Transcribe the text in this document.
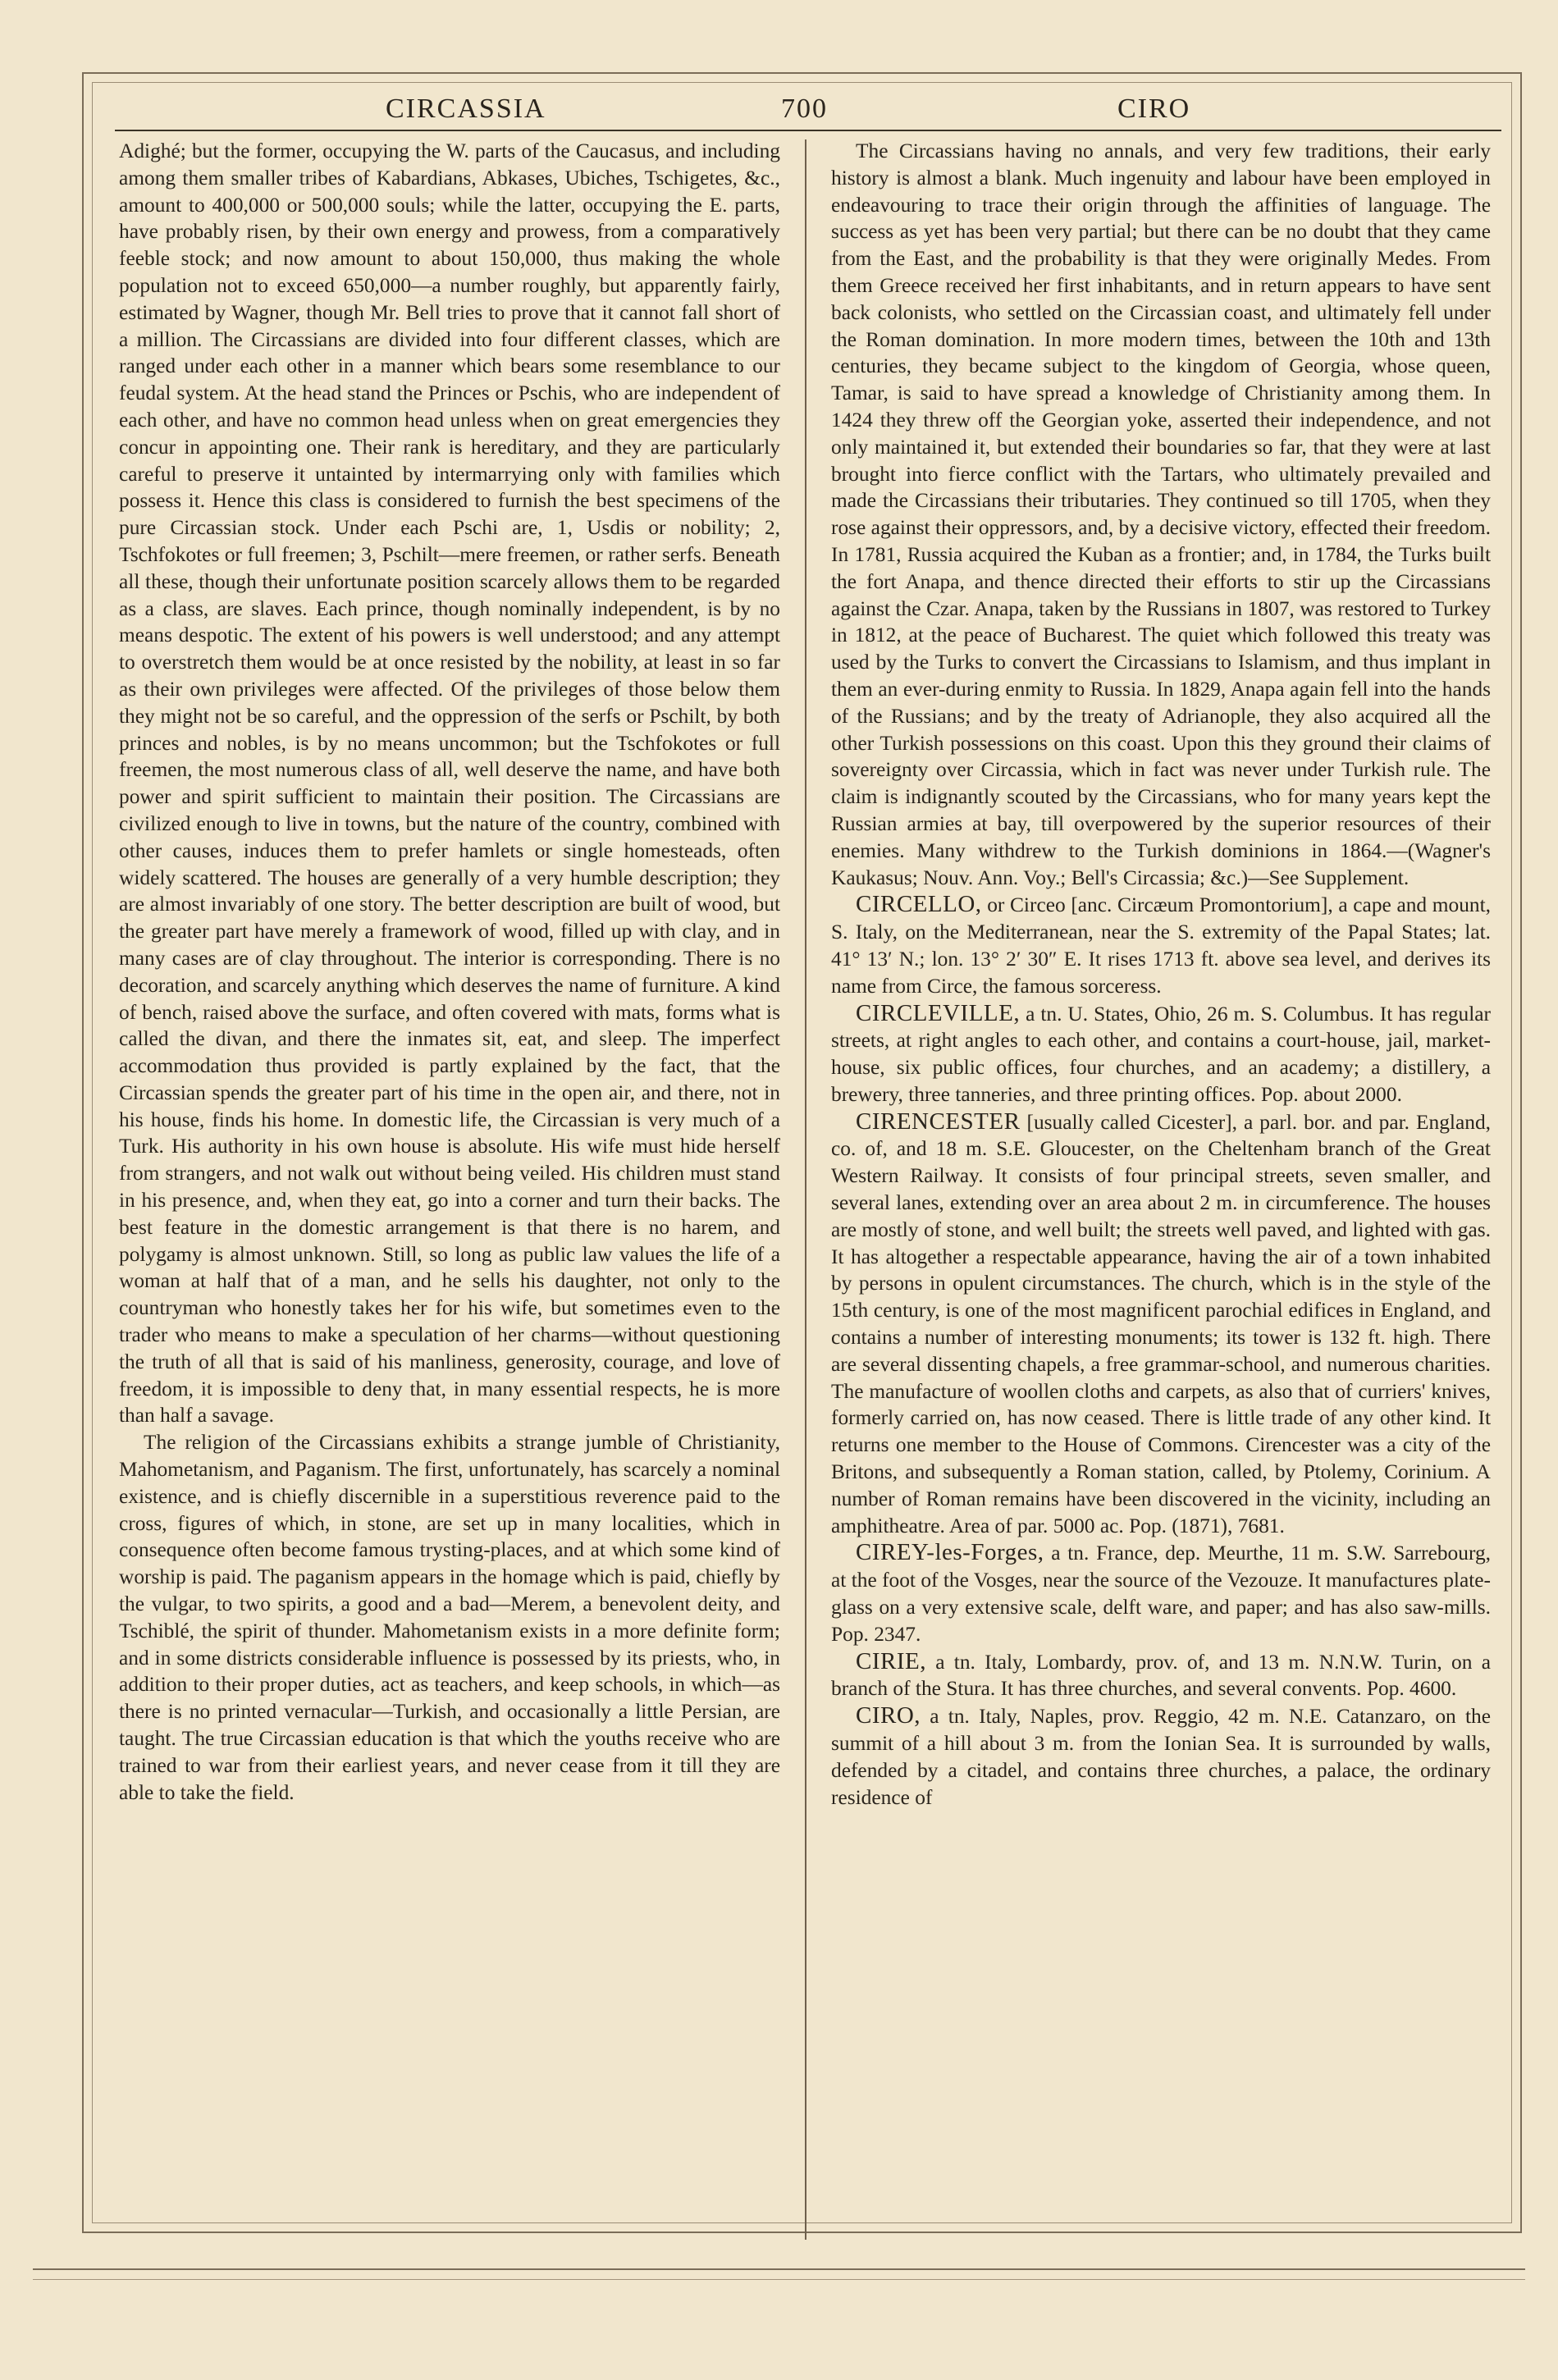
CIRCASSIA	700	CIRO

Adighé; but the former, occupying the W. parts of the Caucasus, and including among them smaller tribes of Kabardians, Abkases, Ubiches, Tschigetes, &c., amount to 400,000 or 500,000 souls; while the latter, occupying the E. parts, have probably risen, by their own energy and prowess, from a comparatively feeble stock; and now amount to about 150,000, thus making the whole population not to exceed 650,000—a number roughly, but apparently fairly, estimated by Wagner, though Mr. Bell tries to prove that it cannot fall short of a million. The Circassians are divided into four different classes, which are ranged under each other in a manner which bears some resemblance to our feudal system. At the head stand the Princes or Pschis, who are independent of each other, and have no common head unless when on great emergencies they concur in appointing one. Their rank is hereditary, and they are particularly careful to preserve it untainted by intermarrying only with families which possess it. Hence this class is considered to furnish the best specimens of the pure Circassian stock. Under each Pschi are, 1, Usdis or nobility; 2, Tschfokotes or full freemen; 3, Pschilt—mere freemen, or rather serfs. Beneath all these, though their unfortunate position scarcely allows them to be regarded as a class, are slaves. Each prince, though nominally independent, is by no means despotic. The extent of his powers is well understood; and any attempt to overstretch them would be at once resisted by the nobility, at least in so far as their own privileges were affected. Of the privileges of those below them they might not be so careful, and the oppression of the serfs or Pschilt, by both princes and nobles, is by no means uncommon; but the Tschfokotes or full freemen, the most numerous class of all, well deserve the name, and have both power and spirit sufficient to maintain their position. The Circassians are civilized enough to live in towns, but the nature of the country, combined with other causes, induces them to prefer hamlets or single homesteads, often widely scattered. The houses are generally of a very humble description; they are almost invariably of one story. The better description are built of wood, but the greater part have merely a framework of wood, filled up with clay, and in many cases are of clay throughout. The interior is corresponding. There is no decoration, and scarcely anything which deserves the name of furniture. A kind of bench, raised above the surface, and often covered with mats, forms what is called the divan, and there the inmates sit, eat, and sleep. The imperfect accommodation thus provided is partly explained by the fact, that the Circassian spends the greater part of his time in the open air, and there, not in his house, finds his home. In domestic life, the Circassian is very much of a Turk. His authority in his own house is absolute. His wife must hide herself from strangers, and not walk out without being veiled. His children must stand in his presence, and, when they eat, go into a corner and turn their backs. The best feature in the domestic arrangement is that there is no harem, and polygamy is almost unknown. Still, so long as public law values the life of a woman at half that of a man, and he sells his daughter, not only to the countryman who honestly takes her for his wife, but sometimes even to the trader who means to make a speculation of her charms—without questioning the truth of all that is said of his manliness, generosity, courage, and love of freedom, it is impossible to deny that, in many essential respects, he is more than half a savage.

The religion of the Circassians exhibits a strange jumble of Christianity, Mahometanism, and Paganism. The first, unfortunately, has scarcely a nominal existence, and is chiefly discernible in a superstitious reverence paid to the cross, figures of which, in stone, are set up in many localities, which in consequence often become famous trysting-places, and at which some kind of worship is paid. The paganism appears in the homage which is paid, chiefly by the vulgar, to two spirits, a good and a bad—Merem, a benevolent deity, and Tschiblé, the spirit of thunder. Mahometanism exists in a more definite form; and in some districts considerable influence is possessed by its priests, who, in addition to their proper duties, act as teachers, and keep schools, in which—as there is no printed vernacular—Turkish, and occasionally a little Persian, are taught. The true Circassian education is that which the youths receive who are trained to war from their earliest years, and never cease from it till they are able to take the field.

The Circassians having no annals, and very few traditions, their early history is almost a blank. Much ingenuity and labour have been employed in endeavouring to trace their origin through the affinities of language. The success as yet has been very partial; but there can be no doubt that they came from the East, and the probability is that they were originally Medes. From them Greece received her first inhabitants, and in return appears to have sent back colonists, who settled on the Circassian coast, and ultimately fell under the Roman domination. In more modern times, between the 10th and 13th centuries, they became subject to the kingdom of Georgia, whose queen, Tamar, is said to have spread a knowledge of Christianity among them. In 1424 they threw off the Georgian yoke, asserted their independence, and not only maintained it, but extended their boundaries so far, that they were at last brought into fierce conflict with the Tartars, who ultimately prevailed and made the Circassians their tributaries. They continued so till 1705, when they rose against their oppressors, and, by a decisive victory, effected their freedom. In 1781, Russia acquired the Kuban as a frontier; and, in 1784, the Turks built the fort Anapa, and thence directed their efforts to stir up the Circassians against the Czar. Anapa, taken by the Russians in 1807, was restored to Turkey in 1812, at the peace of Bucharest. The quiet which followed this treaty was used by the Turks to convert the Circassians to Islamism, and thus implant in them an ever-during enmity to Russia. In 1829, Anapa again fell into the hands of the Russians; and by the treaty of Adrianople, they also acquired all the other Turkish possessions on this coast. Upon this they ground their claims of sovereignty over Circassia, which in fact was never under Turkish rule. The claim is indignantly scouted by the Circassians, who for many years kept the Russian armies at bay, till overpowered by the superior resources of their enemies. Many withdrew to the Turkish dominions in 1864.—(Wagner's Kaukasus; Nouv. Ann. Voy.; Bell's Circassia; &c.)—See Supplement.

CIRCELLO, or Circeo [anc. Circæum Promontorium], a cape and mount, S. Italy, on the Mediterranean, near the S. extremity of the Papal States; lat. 41° 13′ N.; lon. 13° 2′ 30″ E. It rises 1713 ft. above sea level, and derives its name from Circe, the famous sorceress.

CIRCLEVILLE, a tn. U. States, Ohio, 26 m. S. Columbus. It has regular streets, at right angles to each other, and contains a court-house, jail, market-house, six public offices, four churches, and an academy; a distillery, a brewery, three tanneries, and three printing offices. Pop. about 2000.

CIRENCESTER [usually called Cicester], a parl. bor. and par. England, co. of, and 18 m. S.E. Gloucester, on the Cheltenham branch of the Great Western Railway. It consists of four principal streets, seven smaller, and several lanes, extending over an area about 2 m. in circumference. The houses are mostly of stone, and well built; the streets well paved, and lighted with gas. It has altogether a respectable appearance, having the air of a town inhabited by persons in opulent circumstances. The church, which is in the style of the 15th century, is one of the most magnificent parochial edifices in England, and contains a number of interesting monuments; its tower is 132 ft. high. There are several dissenting chapels, a free grammar-school, and numerous charities. The manufacture of woollen cloths and carpets, as also that of curriers' knives, formerly carried on, has now ceased. There is little trade of any other kind. It returns one member to the House of Commons. Cirencester was a city of the Britons, and subsequently a Roman station, called, by Ptolemy, Corinium. A number of Roman remains have been discovered in the vicinity, including an amphitheatre. Area of par. 5000 ac. Pop. (1871), 7681.

CIREY-les-Forges, a tn. France, dep. Meurthe, 11 m. S.W. Sarrebourg, at the foot of the Vosges, near the source of the Vezouze. It manufactures plate-glass on a very extensive scale, delft ware, and paper; and has also saw-mills. Pop. 2347.

CIRIE, a tn. Italy, Lombardy, prov. of, and 13 m. N.N.W. Turin, on a branch of the Stura. It has three churches, and several convents. Pop. 4600.

CIRO, a tn. Italy, Naples, prov. Reggio, 42 m. N.E. Catanzaro, on the summit of a hill about 3 m. from the Ionian Sea. It is surrounded by walls, defended by a citadel, and contains three churches, a palace, the ordinary residence of
